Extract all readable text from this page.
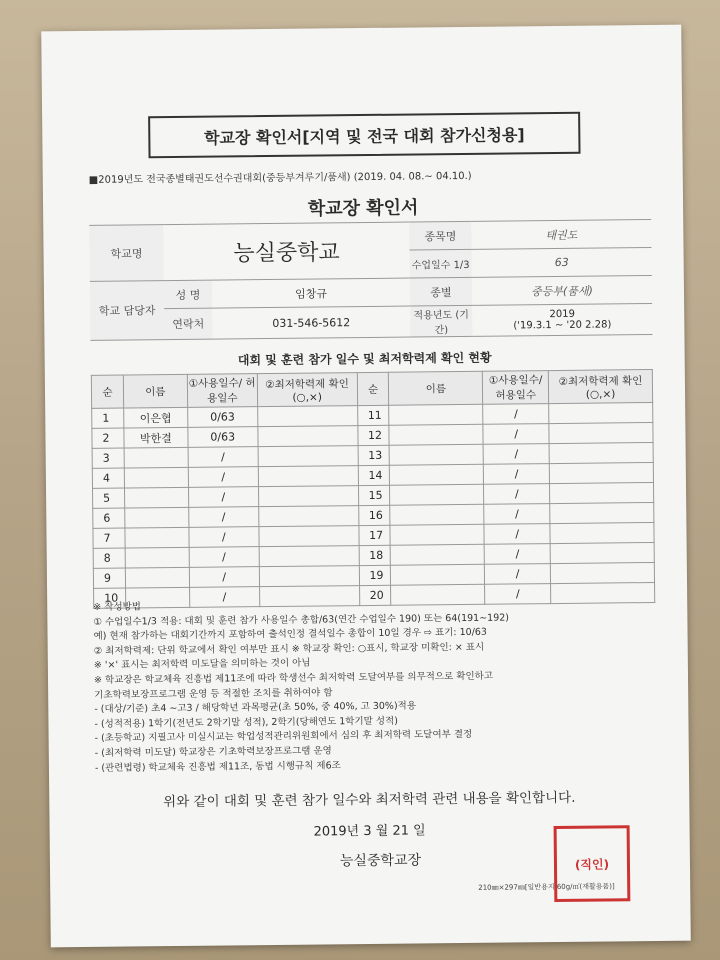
학교장 확인서[지역 및 전국 대회 참가신청용]
■2019년도 전국종별태권도선수권대회(중등부겨루기/품새) (2019. 04. 08.~ 04.10.)
학교장 확인서
학교명	능실중학교		종목명	태권도
			수업일수 1/3	63
학교 담당자	성 명	임창규	종별	중등부(품새)
	연락처	031-546-5612	적용년도 (기간)	2019
('19.3.1 ~ '20 2.28)
대회 및 훈련 참가 일수 및 최저학력제 확인 현황
순	이름	①사용일수/ 허용일수	②최저학력제 확인(○,×)	순	이름	①사용일수/ 허용일수	②최저학력제 확인(○,×)
1	이은협	0/63		11		/	
2	박한결	0/63		12		/	
3		/		13		/	
4		/		14		/	
5		/		15		/	
6		/		16		/	
7		/		17		/	
8		/		18		/	
9		/		19		/	
10		/		20		/	
※ 작성방법
① 수업일수1/3 적용: 대회 및 훈련 참가 사용일수 총합/63(연간 수업일수 190) 또는 64(191~192)
예) 현재 참가하는 대회기간까지 포함하여 출석인정 결석일수 총합이 10일 경우 ⇨ 표기: 10/63
② 최저학력제: 단위 학교에서 확인 여부만 표시 ※ 학교장 확인: ○표시, 학교장 미확인: × 표시
※ '×' 표시는 최저학력 미도달을 의미하는 것이 아님
※ 학교장은 학교체육 진흥법 제11조에 따라 학생선수 최저학력 도달여부를 의무적으로 확인하고
기초학력보장프로그램 운영 등 적절한 조치를 취하여야 함
- (대상/기준) 초4 ~고3 / 해당학년 과목평균(초 50%, 중 40%, 고 30%)적용
- (성적적용) 1학기(전년도 2학기말 성적), 2학기(당해연도 1학기말 성적)
- (초등학교) 지필고사 미실시교는 학업성적관리위원회에서 심의 후 최저학력 도달여부 결정
- (최저학력 미도달) 학교장은 기초학력보장프로그램 운영
- (관련법령) 학교체육 진흥법 제11조, 동법 시행규칙 제6조
위와 같이 대회 및 훈련 참가 일수와 최저학력 관련 내용을 확인합니다.
2019년 3 월 21 일
능실중학교장	(직인)
210㎜×297㎜[일반용지 60g/㎡(재활용품)]
